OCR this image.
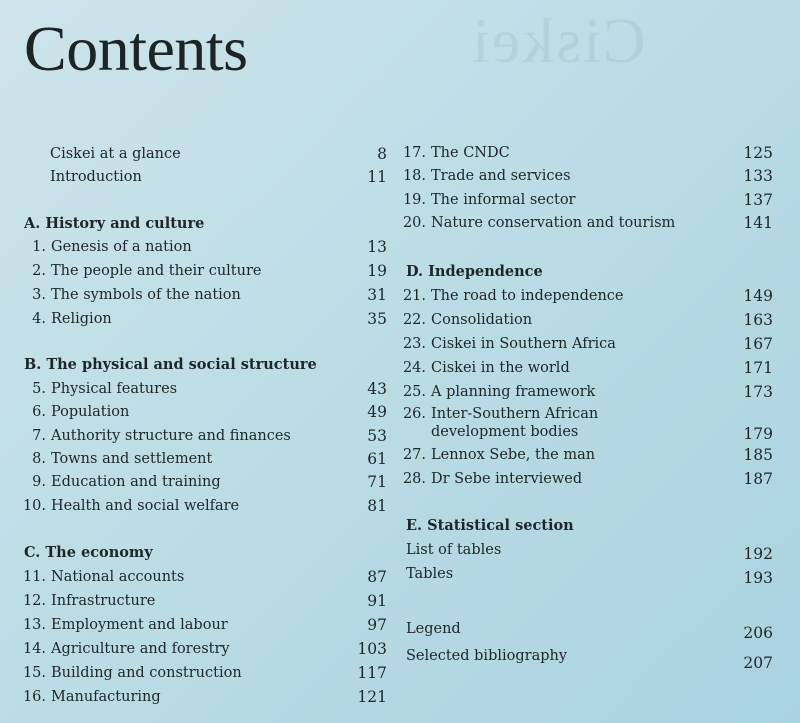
Ciskei
Contents
Ciskei at a glance	8
Introduction	11
A. History and culture
1. Genesis of a nation	13
2. The people and their culture	19
3. The symbols of the nation	31
4. Religion	35
B. The physical and social structure
5. Physical features	43
6. Population	49
7. Authority structure and finances	53
8. Towns and settlement	61
9. Education and training	71
10. Health and social welfare	81
C. The economy
11. National accounts	87
12. Infrastructure	91
13. Employment and labour	97
14. Agriculture and forestry	103
15. Building and construction	117
16. Manufacturing	121
17. The CNDC	125
18. Trade and services	133
19. The informal sector	137
20. Nature conservation and tourism	141
D. Independence
21. The road to independence	149
22. Consolidation	163
23. Ciskei in Southern Africa	167
24. Ciskei in the world	171
25. A planning framework	173
26. Inter-Southern African development bodies	179
27. Lennox Sebe, the man	185
28. Dr Sebe interviewed	187
E. Statistical section
List of tables	192
Tables	193
Legend	206
Selected bibliography	207
